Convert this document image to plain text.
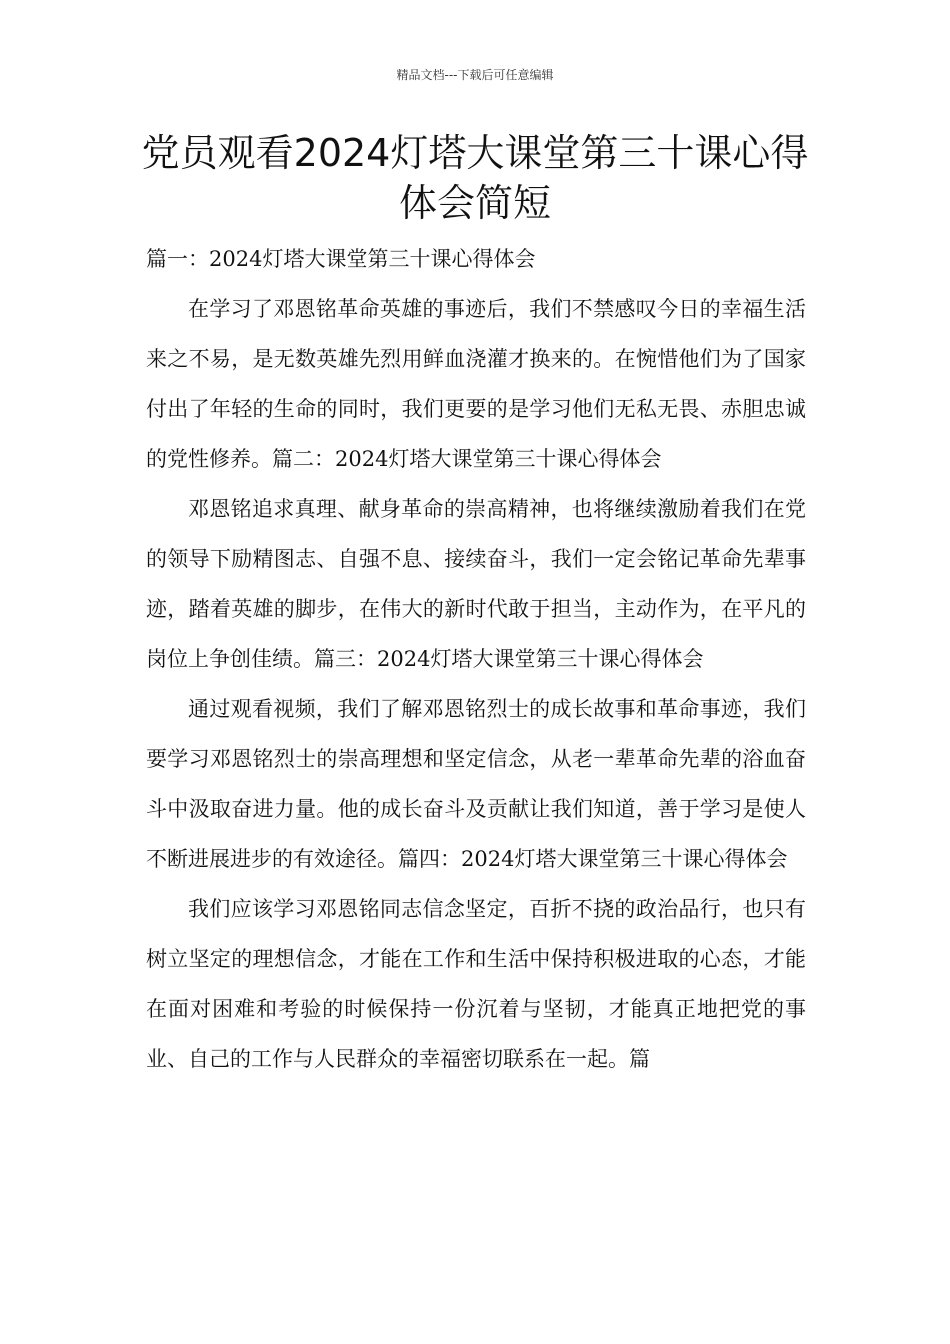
精品文档---下载后可任意编辑
党员观看2024灯塔大课堂第三十课心得体会简短

篇一：2024灯塔大课堂第三十课心得体会

在学习了邓恩铭革命英雄的事迹后，我们不禁感叹今日的幸福生活来之不易，是无数英雄先烈用鲜血浇灌才换来的。在惋惜他们为了国家付出了年轻的生命的同时，我们更要的是学习他们无私无畏、赤胆忠诚的党性修养。篇二：2024灯塔大课堂第三十课心得体会

邓恩铭追求真理、献身革命的崇高精神，也将继续激励着我们在党的领导下励精图志、自强不息、接续奋斗，我们一定会铭记革命先辈事迹，踏着英雄的脚步，在伟大的新时代敢于担当，主动作为，在平凡的岗位上争创佳绩。篇三：2024灯塔大课堂第三十课心得体会

通过观看视频，我们了解邓恩铭烈士的成长故事和革命事迹，我们要学习邓恩铭烈士的崇高理想和坚定信念，从老一辈革命先辈的浴血奋斗中汲取奋进力量。他的成长奋斗及贡献让我们知道，善于学习是使人不断进展进步的有效途径。篇四：2024灯塔大课堂第三十课心得体会

我们应该学习邓恩铭同志信念坚定，百折不挠的政治品行，也只有树立坚定的理想信念，才能在工作和生活中保持积极进取的心态，才能在面对困难和考验的时候保持一份沉着与坚韧，才能真正地把党的事业、自己的工作与人民群众的幸福密切联系在一起。篇
